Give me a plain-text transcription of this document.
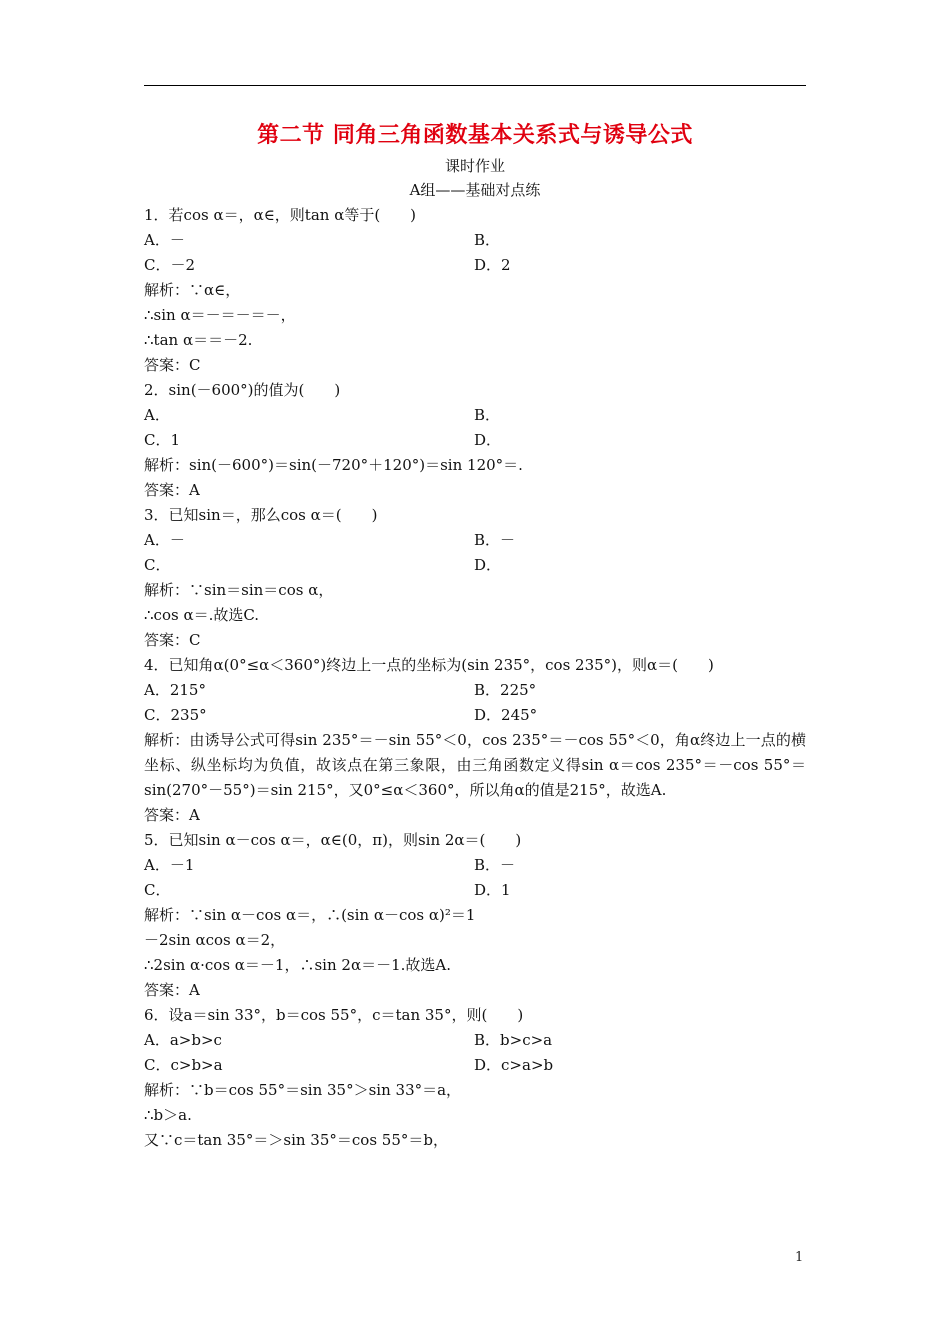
第二节 同角三角函数基本关系式与诱导公式
课时作业
A组——基础对点练
1．若cos α＝，α∈，则tan α等于(　　)
A．－	B．
C．－2	D．2
解析：∵α∈，
∴sin α＝－＝－＝－，
∴tan α＝＝－2.
答案：C
2．sin(－600°)的值为(　　)
A．	B．
C．1	D．
解析：sin(－600°)＝sin(－720°＋120°)＝sin 120°＝.
答案：A
3．已知sin＝，那么cos α＝(　　)
A．－	B．－
C．	D．
解析：∵sin＝sin＝cos α，
∴cos α＝.故选C.
答案：C
4．已知角α(0°≤α＜360°)终边上一点的坐标为(sin 235°，cos 235°)，则α＝(　　)
A．215°	B．225°
C．235°	D．245°
解析：由诱导公式可得sin 235°＝－sin 55°＜0，cos 235°＝－cos 55°＜0，角α终边上一点的横坐标、纵坐标均为负值，故该点在第三象限，由三角函数定义得sin α＝cos 235°＝－cos 55°＝sin(270°－55°)＝sin 215°，又0°≤α＜360°，所以角α的值是215°，故选A.
答案：A
5．已知sin α－cos α＝，α∈(0，π)，则sin 2α＝(　　)
A．－1	B．－
C．	D．1
解析：∵sin α－cos α＝，∴(sin α－cos α)²＝1
－2sin αcos α＝2，
∴2sin α·cos α＝－1，∴sin 2α＝－1.故选A.
答案：A
6．设a＝sin 33°，b＝cos 55°，c＝tan 35°，则(　　)
A．a>b>c	B．b>c>a
C．c>b>a	D．c>a>b
解析：∵b＝cos 55°＝sin 35°＞sin 33°＝a，
∴b＞a.
又∵c＝tan 35°＝＞sin 35°＝cos 55°＝b，
1
